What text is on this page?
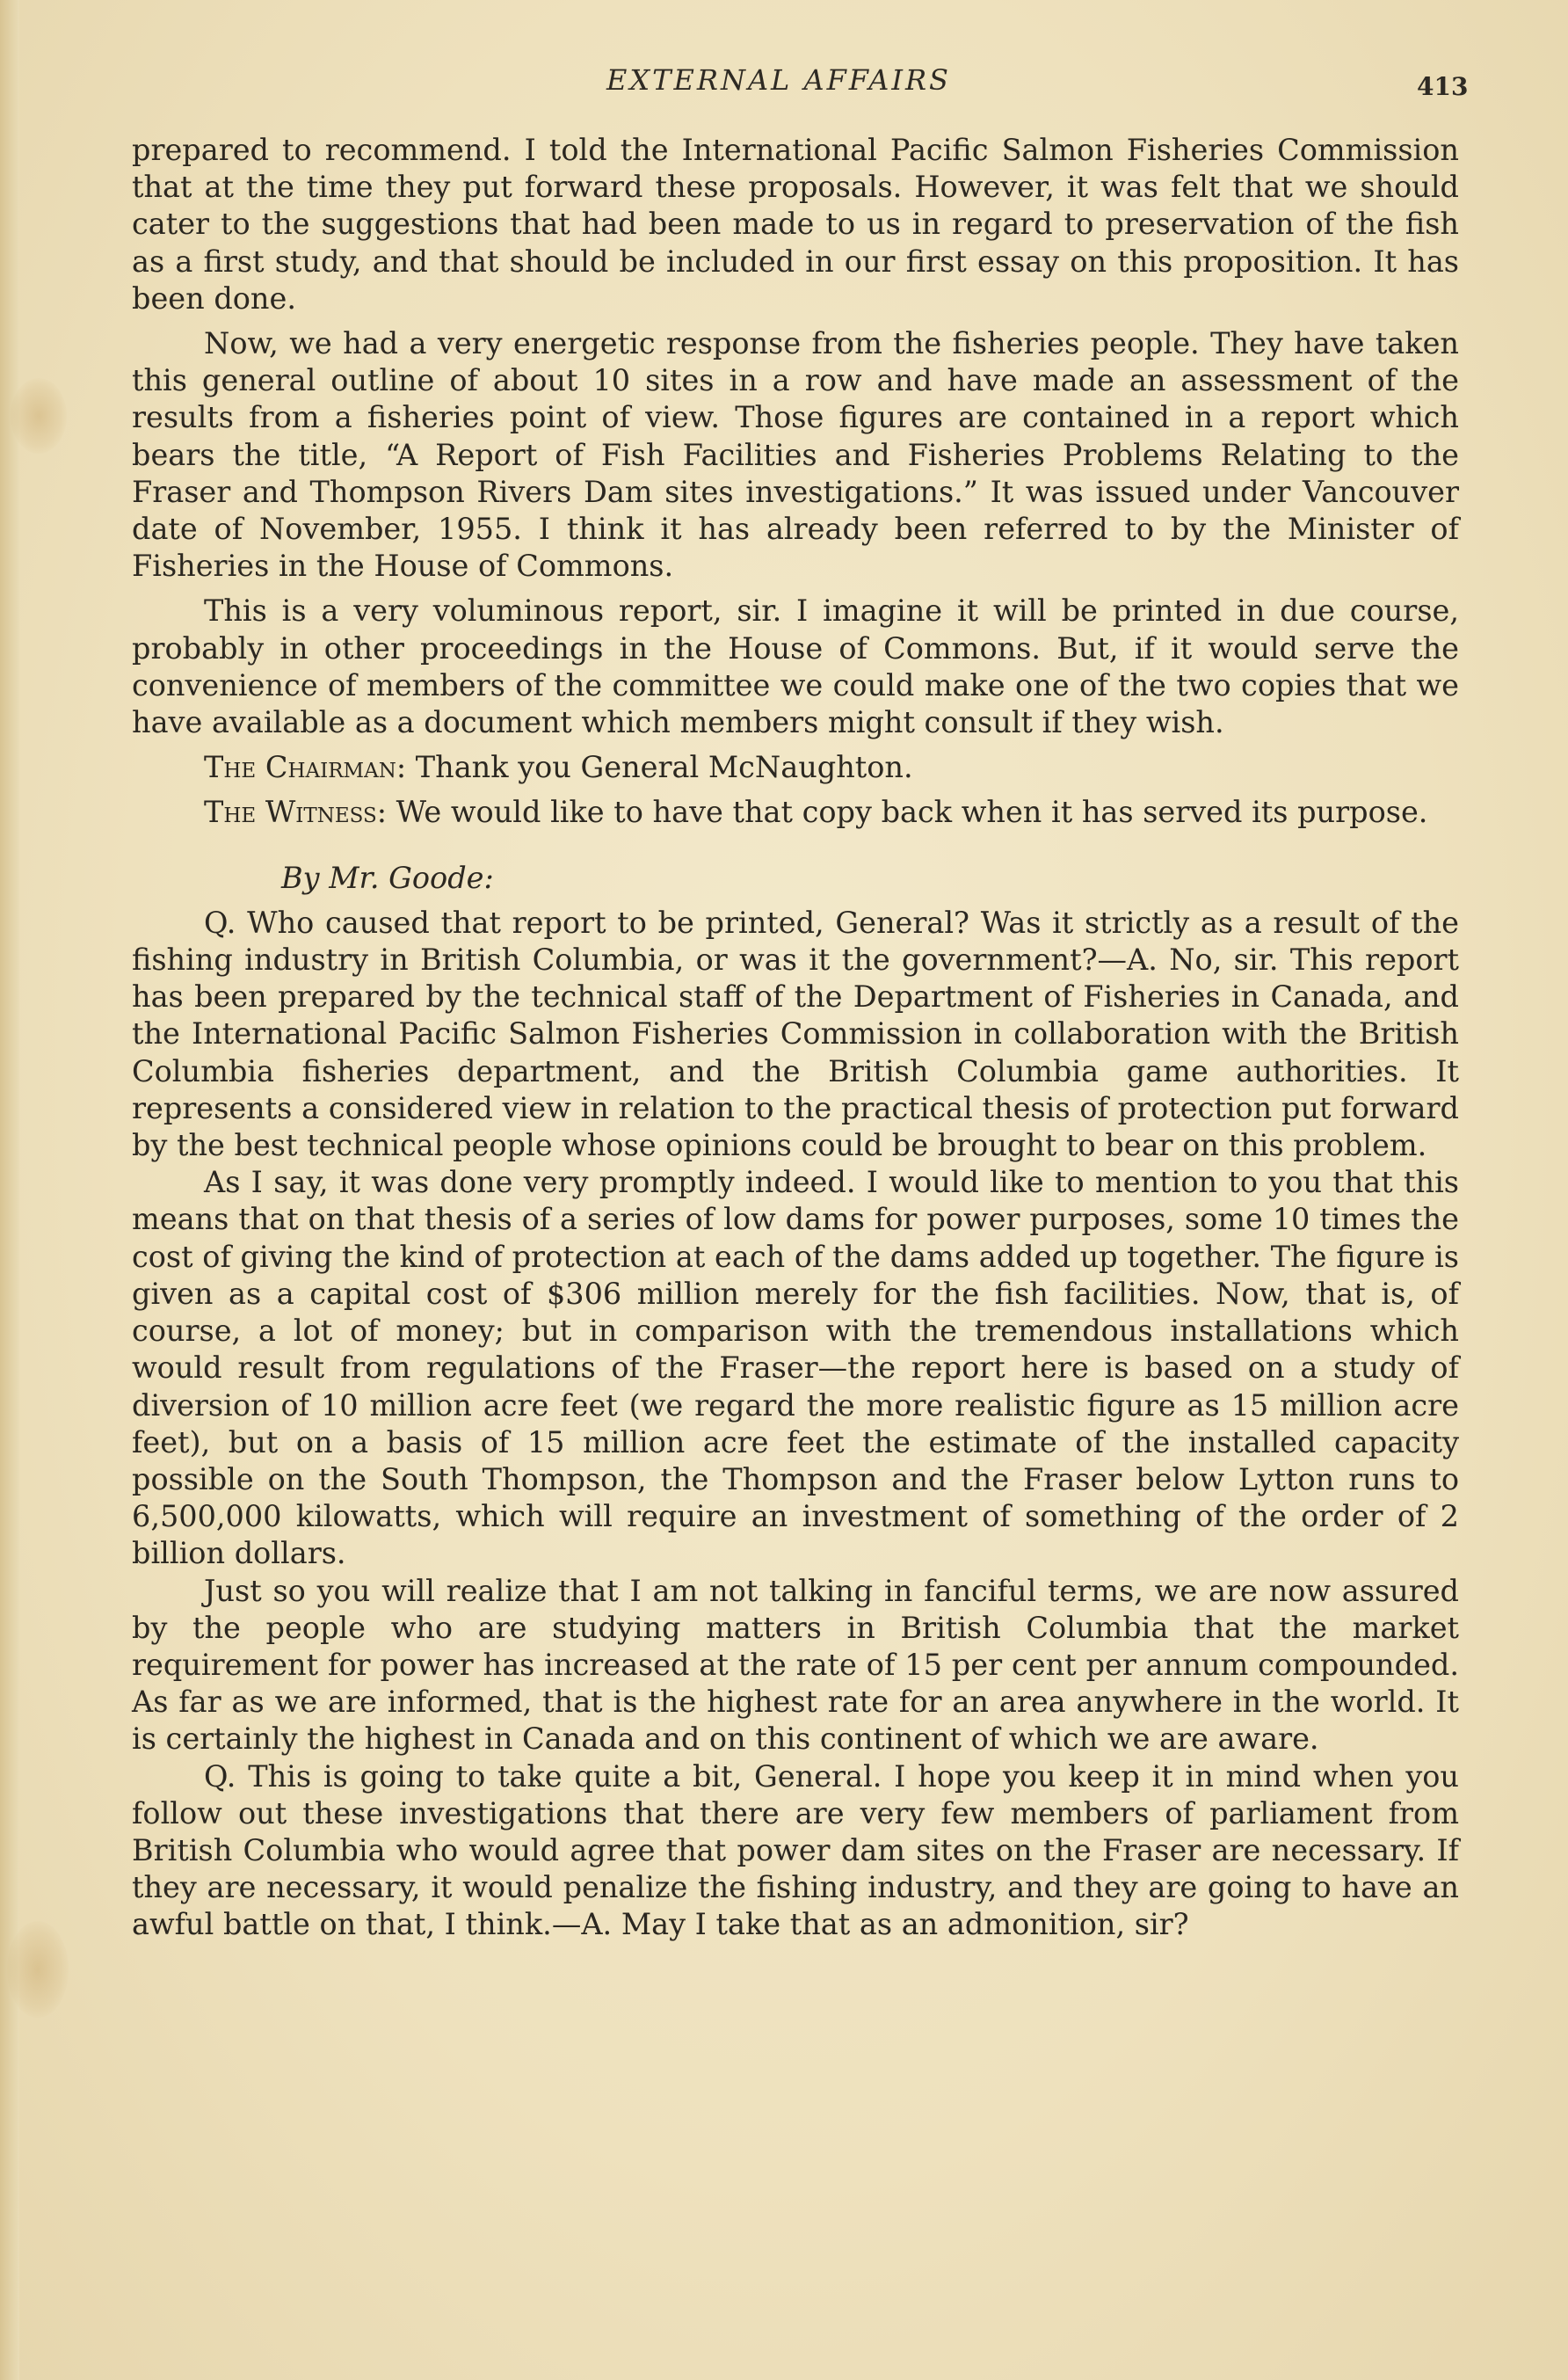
EXTERNAL AFFAIRS	413

prepared to recommend. I told the International Pacific Salmon Fisheries Commission that at the time they put forward these proposals. However, it was felt that we should cater to the suggestions that had been made to us in regard to preservation of the fish as a first study, and that should be included in our first essay on this proposition. It has been done.

Now, we had a very energetic response from the fisheries people. They have taken this general outline of about 10 sites in a row and have made an assessment of the results from a fisheries point of view. Those figures are contained in a report which bears the title, “A Report of Fish Facilities and Fisheries Problems Relating to the Fraser and Thompson Rivers Dam sites investigations.” It was issued under Vancouver date of November, 1955. I think it has already been referred to by the Minister of Fisheries in the House of Commons.

This is a very voluminous report, sir. I imagine it will be printed in due course, probably in other proceedings in the House of Commons. But, if it would serve the convenience of members of the committee we could make one of the two copies that we have available as a document which members might consult if they wish.

The Chairman: Thank you General McNaughton.

The Witness: We would like to have that copy back when it has served its purpose.

By Mr. Goode:

Q. Who caused that report to be printed, General? Was it strictly as a result of the fishing industry in British Columbia, or was it the government?—A. No, sir. This report has been prepared by the technical staff of the Department of Fisheries in Canada, and the International Pacific Salmon Fisheries Commission in collaboration with the British Columbia fisheries department, and the British Columbia game authorities. It represents a considered view in relation to the practical thesis of protection put forward by the best technical people whose opinions could be brought to bear on this problem.

As I say, it was done very promptly indeed. I would like to mention to you that this means that on that thesis of a series of low dams for power purposes, some 10 times the cost of giving the kind of protection at each of the dams added up together. The figure is given as a capital cost of $306 million merely for the fish facilities. Now, that is, of course, a lot of money; but in comparison with the tremendous installations which would result from regulations of the Fraser—the report here is based on a study of diversion of 10 million acre feet (we regard the more realistic figure as 15 million acre feet), but on a basis of 15 million acre feet the estimate of the installed capacity possible on the South Thompson, the Thompson and the Fraser below Lytton runs to 6,500,000 kilowatts, which will require an investment of something of the order of 2 billion dollars.

Just so you will realize that I am not talking in fanciful terms, we are now assured by the people who are studying matters in British Columbia that the market requirement for power has increased at the rate of 15 per cent per annum compounded. As far as we are informed, that is the highest rate for an area anywhere in the world. It is certainly the highest in Canada and on this continent of which we are aware.

Q. This is going to take quite a bit, General. I hope you keep it in mind when you follow out these investigations that there are very few members of parliament from British Columbia who would agree that power dam sites on the Fraser are necessary. If they are necessary, it would penalize the fishing industry, and they are going to have an awful battle on that, I think.—A. May I take that as an admonition, sir?
